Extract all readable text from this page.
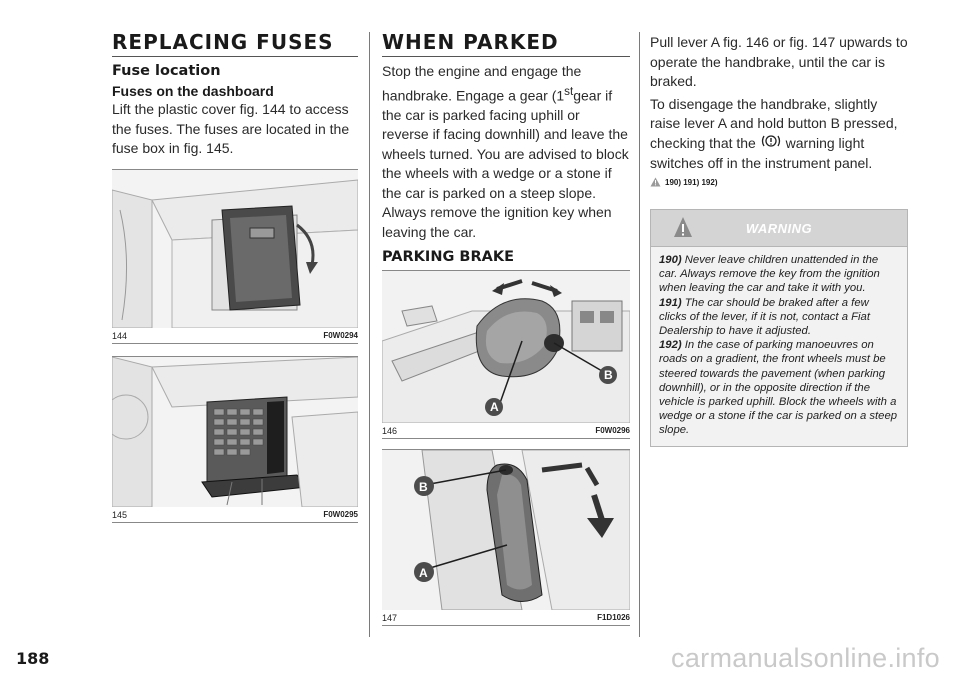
REPLACING FUSES
Fuse location
Fuses on the dashboard

Lift the plastic cover fig. 144 to access the fuses. The fuses are located in the fuse box in fig. 145.

144	F0W0294
145	F0W0295
WHEN PARKED

Stop the engine and engage the handbrake. Engage a gear (1stgear if the car is parked facing uphill or reverse if facing downhill) and leave the wheels turned. You are advised to block the wheels with a wedge or a stone if the car is parked on a steep slope. Always remove the ignition key when leaving the car.

PARKING BRAKE
A
B
146	F0W0296
B
A
147	F1D1026

Pull lever A fig. 146 or fig. 147 upwards to operate the handbrake, until the car is braked.

To disengage the handbrake, slightly raise lever A and hold button B pressed, checking that the warning light switches off in the instrument panel.

190) 191) 192)
WARNING

190) Never leave children unattended in the car. Always remove the key from the ignition when leaving the car and take it with you.

191) The car should be braked after a few clicks of the lever, if it is not, contact a Fiat Dealership to have it adjusted.

192) In the case of parking manoeuvres on roads on a gradient, the front wheels must be steered towards the pavement (when parking downhill), or in the opposite direction if the vehicle is parked uphill. Block the wheels with a wedge or a stone if the car is parked on a steep slope.

188	carmanualsonline.info
